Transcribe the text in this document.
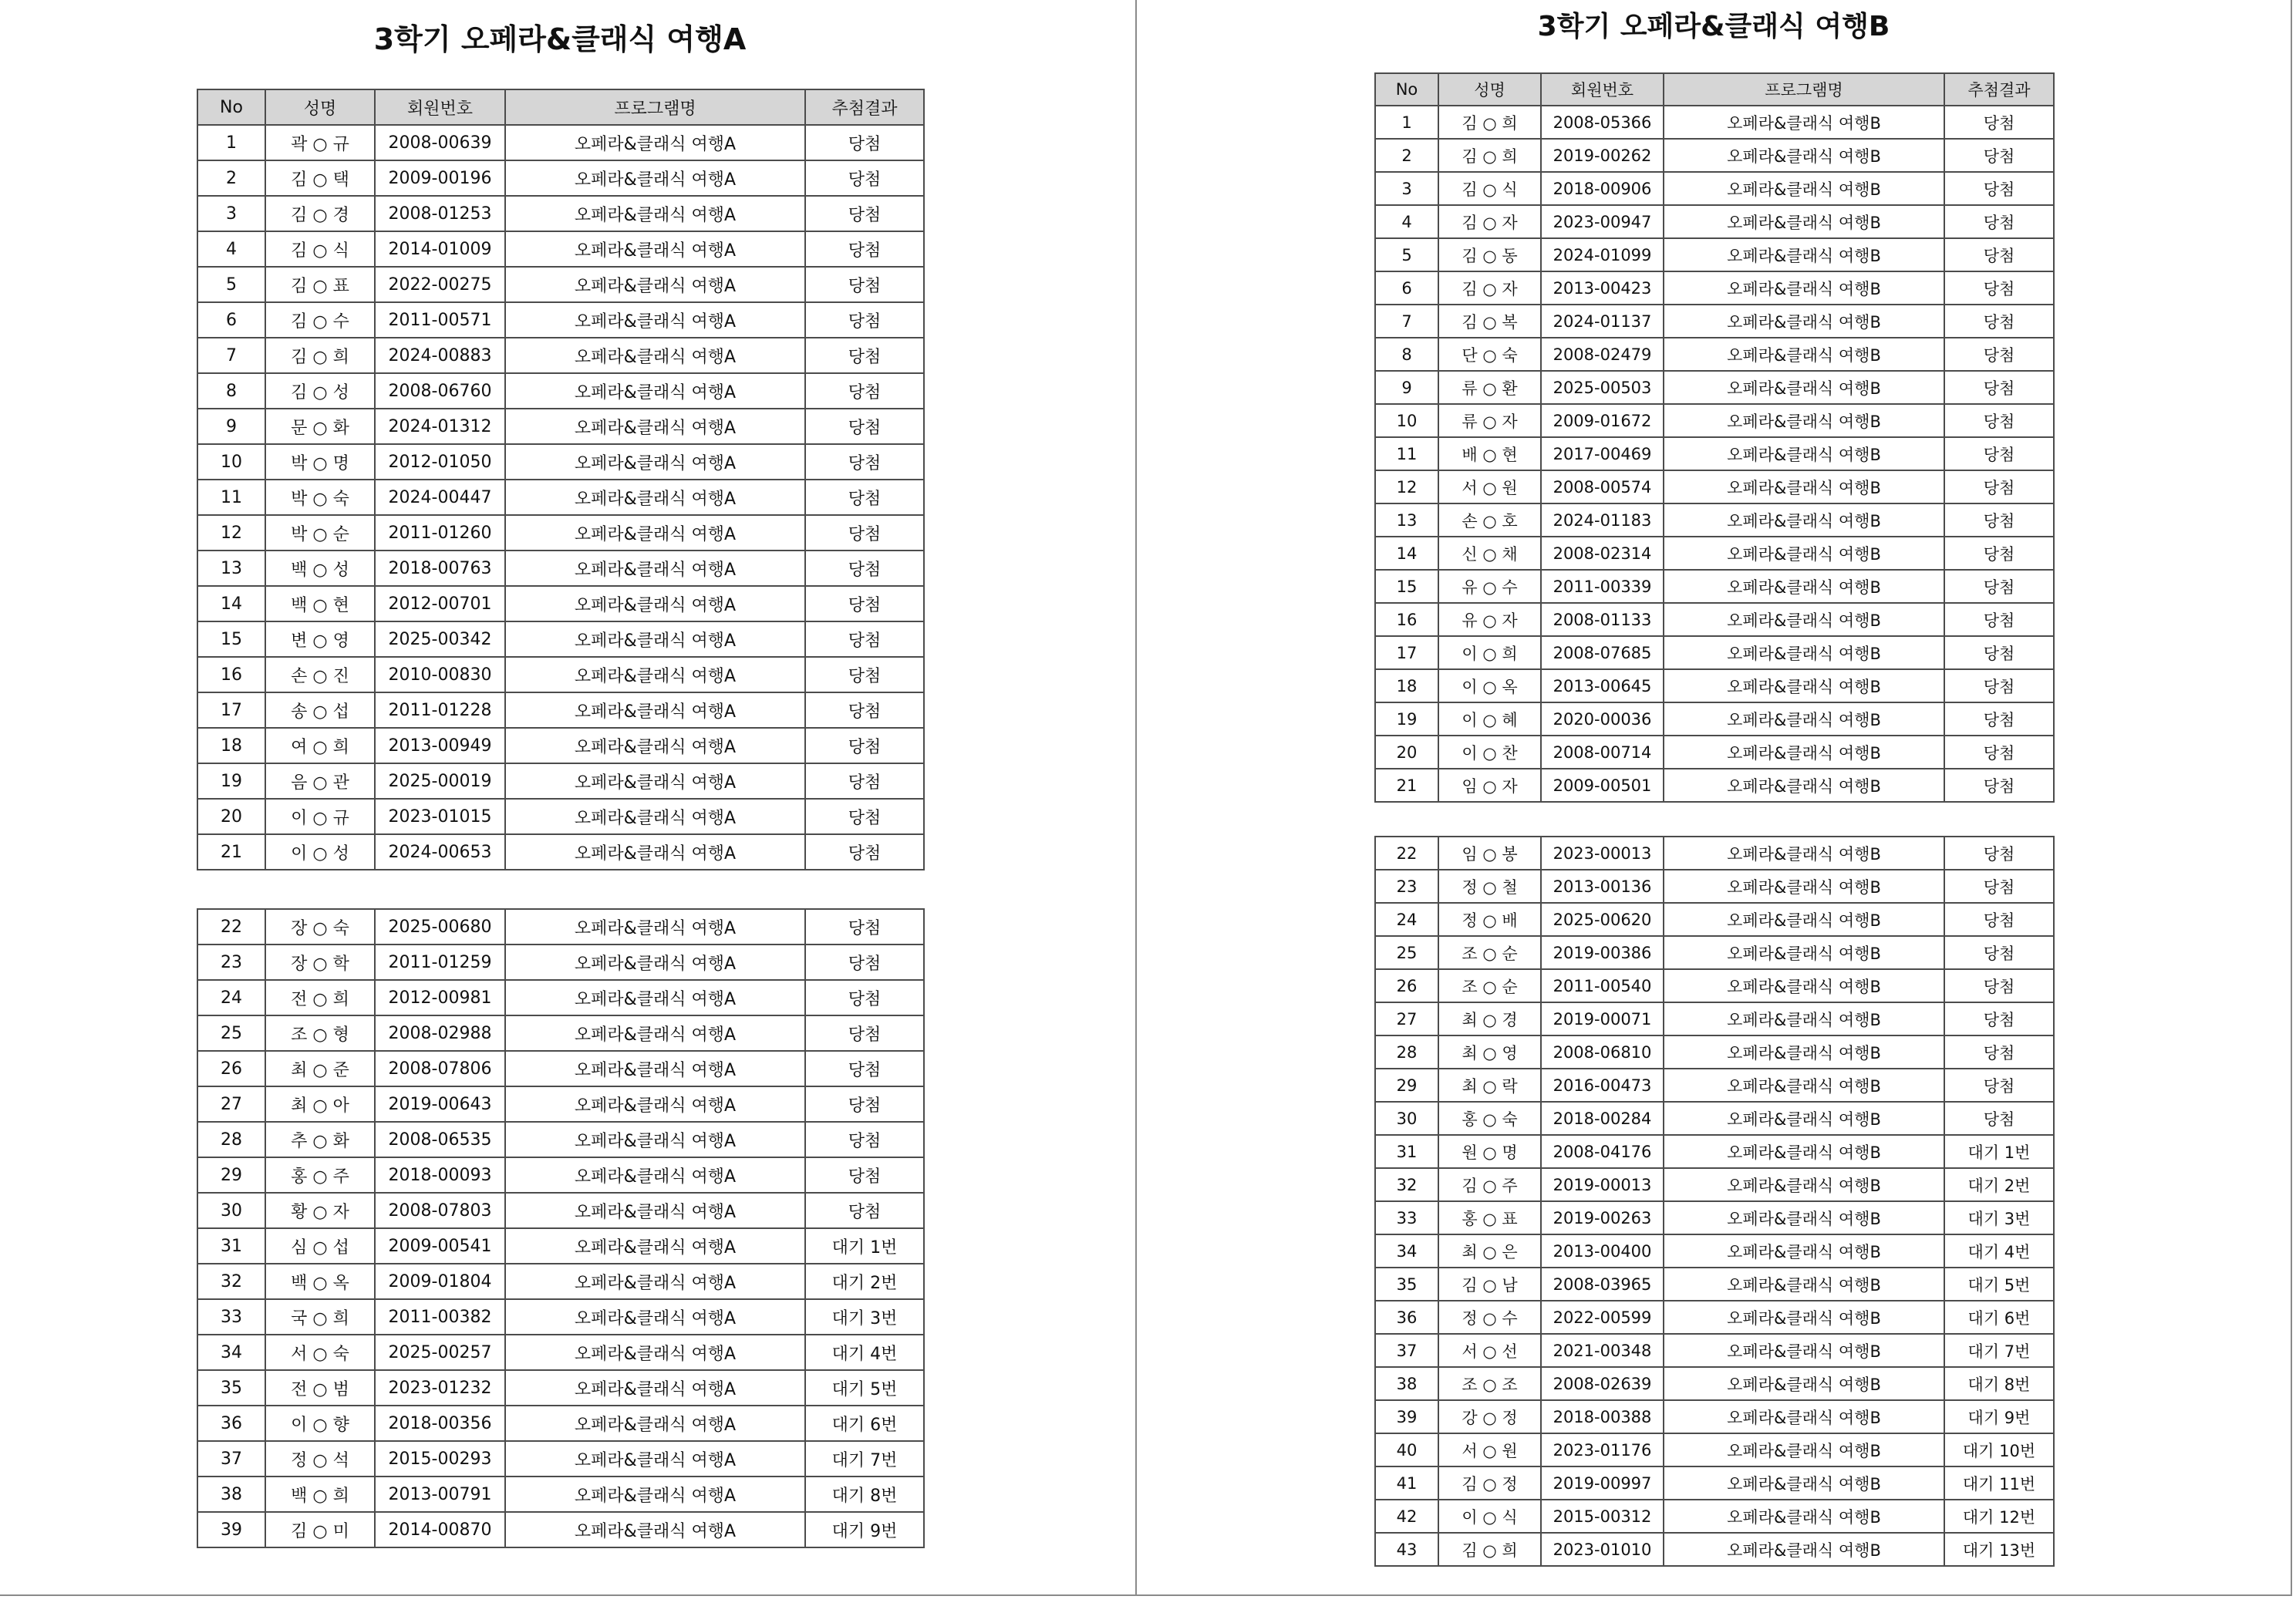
3학기 오페라&클래식 여행A
No	성명	회원번호	프로그램명	추첨결과
1	곽 ○ 규	2008-00639	오페라&클래식 여행A	당첨
2	김 ○ 택	2009-00196	오페라&클래식 여행A	당첨
3	김 ○ 경	2008-01253	오페라&클래식 여행A	당첨
4	김 ○ 식	2014-01009	오페라&클래식 여행A	당첨
5	김 ○ 표	2022-00275	오페라&클래식 여행A	당첨
6	김 ○ 수	2011-00571	오페라&클래식 여행A	당첨
7	김 ○ 희	2024-00883	오페라&클래식 여행A	당첨
8	김 ○ 성	2008-06760	오페라&클래식 여행A	당첨
9	문 ○ 화	2024-01312	오페라&클래식 여행A	당첨
10	박 ○ 명	2012-01050	오페라&클래식 여행A	당첨
11	박 ○ 숙	2024-00447	오페라&클래식 여행A	당첨
12	박 ○ 순	2011-01260	오페라&클래식 여행A	당첨
13	백 ○ 성	2018-00763	오페라&클래식 여행A	당첨
14	백 ○ 현	2012-00701	오페라&클래식 여행A	당첨
15	변 ○ 영	2025-00342	오페라&클래식 여행A	당첨
16	손 ○ 진	2010-00830	오페라&클래식 여행A	당첨
17	송 ○ 섭	2011-01228	오페라&클래식 여행A	당첨
18	여 ○ 희	2013-00949	오페라&클래식 여행A	당첨
19	음 ○ 관	2025-00019	오페라&클래식 여행A	당첨
20	이 ○ 규	2023-01015	오페라&클래식 여행A	당첨
21	이 ○ 성	2024-00653	오페라&클래식 여행A	당첨
22	장 ○ 숙	2025-00680	오페라&클래식 여행A	당첨
23	장 ○ 학	2011-01259	오페라&클래식 여행A	당첨
24	전 ○ 희	2012-00981	오페라&클래식 여행A	당첨
25	조 ○ 형	2008-02988	오페라&클래식 여행A	당첨
26	최 ○ 준	2008-07806	오페라&클래식 여행A	당첨
27	최 ○ 아	2019-00643	오페라&클래식 여행A	당첨
28	추 ○ 화	2008-06535	오페라&클래식 여행A	당첨
29	홍 ○ 주	2018-00093	오페라&클래식 여행A	당첨
30	황 ○ 자	2008-07803	오페라&클래식 여행A	당첨
31	심 ○ 섭	2009-00541	오페라&클래식 여행A	대기 1번
32	백 ○ 옥	2009-01804	오페라&클래식 여행A	대기 2번
33	국 ○ 희	2011-00382	오페라&클래식 여행A	대기 3번
34	서 ○ 숙	2025-00257	오페라&클래식 여행A	대기 4번
35	전 ○ 범	2023-01232	오페라&클래식 여행A	대기 5번
36	이 ○ 향	2018-00356	오페라&클래식 여행A	대기 6번
37	정 ○ 석	2015-00293	오페라&클래식 여행A	대기 7번
38	백 ○ 희	2013-00791	오페라&클래식 여행A	대기 8번
39	김 ○ 미	2014-00870	오페라&클래식 여행A	대기 9번
3학기 오페라&클래식 여행B
No	성명	회원번호	프로그램명	추첨결과
1	김 ○ 희	2008-05366	오페라&클래식 여행B	당첨
2	김 ○ 희	2019-00262	오페라&클래식 여행B	당첨
3	김 ○ 식	2018-00906	오페라&클래식 여행B	당첨
4	김 ○ 자	2023-00947	오페라&클래식 여행B	당첨
5	김 ○ 동	2024-01099	오페라&클래식 여행B	당첨
6	김 ○ 자	2013-00423	오페라&클래식 여행B	당첨
7	김 ○ 복	2024-01137	오페라&클래식 여행B	당첨
8	단 ○ 숙	2008-02479	오페라&클래식 여행B	당첨
9	류 ○ 환	2025-00503	오페라&클래식 여행B	당첨
10	류 ○ 자	2009-01672	오페라&클래식 여행B	당첨
11	배 ○ 현	2017-00469	오페라&클래식 여행B	당첨
12	서 ○ 원	2008-00574	오페라&클래식 여행B	당첨
13	손 ○ 호	2024-01183	오페라&클래식 여행B	당첨
14	신 ○ 채	2008-02314	오페라&클래식 여행B	당첨
15	유 ○ 수	2011-00339	오페라&클래식 여행B	당첨
16	유 ○ 자	2008-01133	오페라&클래식 여행B	당첨
17	이 ○ 희	2008-07685	오페라&클래식 여행B	당첨
18	이 ○ 옥	2013-00645	오페라&클래식 여행B	당첨
19	이 ○ 혜	2020-00036	오페라&클래식 여행B	당첨
20	이 ○ 찬	2008-00714	오페라&클래식 여행B	당첨
21	임 ○ 자	2009-00501	오페라&클래식 여행B	당첨
22	임 ○ 봉	2023-00013	오페라&클래식 여행B	당첨
23	정 ○ 철	2013-00136	오페라&클래식 여행B	당첨
24	정 ○ 배	2025-00620	오페라&클래식 여행B	당첨
25	조 ○ 순	2019-00386	오페라&클래식 여행B	당첨
26	조 ○ 순	2011-00540	오페라&클래식 여행B	당첨
27	최 ○ 경	2019-00071	오페라&클래식 여행B	당첨
28	최 ○ 영	2008-06810	오페라&클래식 여행B	당첨
29	최 ○ 락	2016-00473	오페라&클래식 여행B	당첨
30	홍 ○ 숙	2018-00284	오페라&클래식 여행B	당첨
31	원 ○ 명	2008-04176	오페라&클래식 여행B	대기 1번
32	김 ○ 주	2019-00013	오페라&클래식 여행B	대기 2번
33	홍 ○ 표	2019-00263	오페라&클래식 여행B	대기 3번
34	최 ○ 은	2013-00400	오페라&클래식 여행B	대기 4번
35	김 ○ 남	2008-03965	오페라&클래식 여행B	대기 5번
36	정 ○ 수	2022-00599	오페라&클래식 여행B	대기 6번
37	서 ○ 선	2021-00348	오페라&클래식 여행B	대기 7번
38	조 ○ 조	2008-02639	오페라&클래식 여행B	대기 8번
39	강 ○ 정	2018-00388	오페라&클래식 여행B	대기 9번
40	서 ○ 원	2023-01176	오페라&클래식 여행B	대기 10번
41	김 ○ 정	2019-00997	오페라&클래식 여행B	대기 11번
42	이 ○ 식	2015-00312	오페라&클래식 여행B	대기 12번
43	김 ○ 희	2023-01010	오페라&클래식 여행B	대기 13번
